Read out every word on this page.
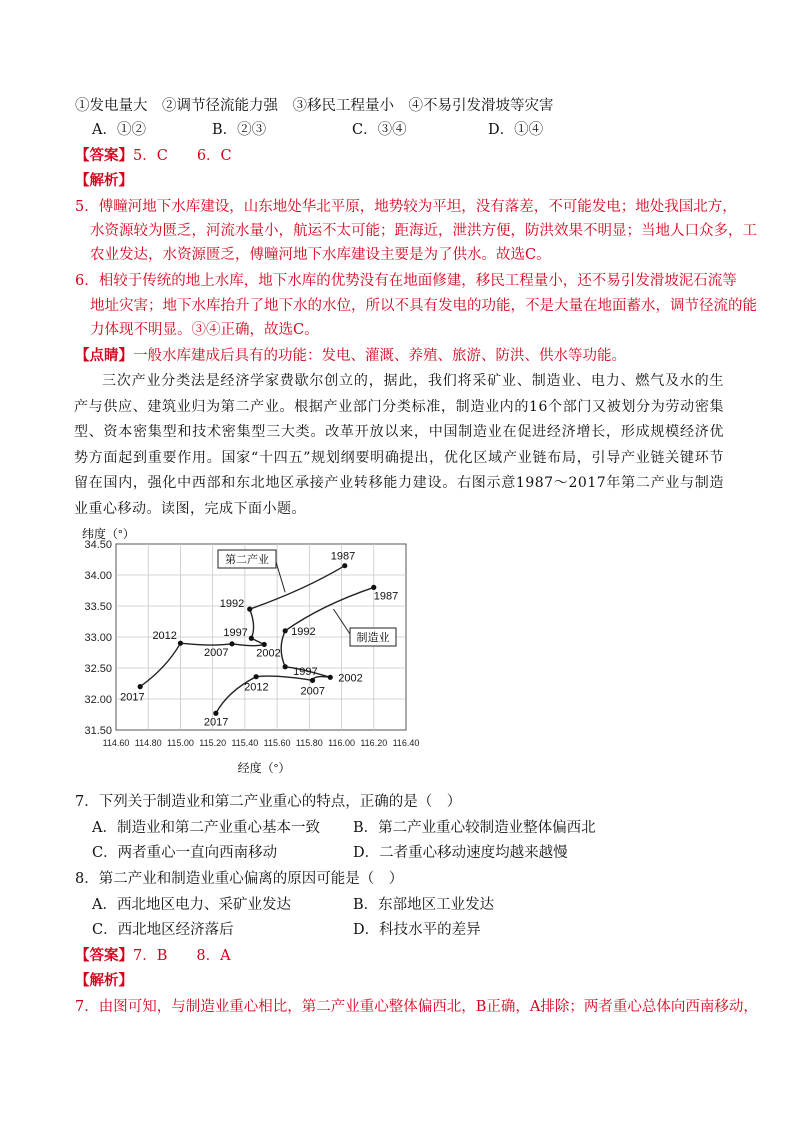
①发电量大　②调节径流能力强　③移民工程量小　④不易引发滑坡等灾害
A．①②	B．②③	C．③④	D．①④
【答案】5．C　　6．C
【解析】
5．傅疃河地下水库建设，山东地处华北平原，地势较为平坦，没有落差，不可能发电；地处我国北方，
水资源较为匮乏，河流水量小，航运不太可能；距海近，泄洪方便，防洪效果不明显；当地人口众多，工
农业发达，水资源匮乏，傅疃河地下水库建设主要是为了供水。故选C。
6．相较于传统的地上水库，地下水库的优势没有在地面修建，移民工程量小，还不易引发滑坡泥石流等
地址灾害；地下水库抬升了地下水的水位，所以不具有发电的功能，不是大量在地面蓄水，调节径流的能
力体现不明显。③④正确，故选C。
【点睛】一般水库建成后具有的功能：发电、灌溉、养殖、旅游、防洪、供水等功能。
三次产业分类法是经济学家费歇尔创立的，据此，我们将采矿业、制造业、电力、燃气及水的生产与供应、建筑业归为第二产业。根据产业部门分类标准，制造业内的16个部门又被划分为劳动密集型、资本密集型和技术密集型三大类。改革开放以来，中国制造业在促进经济增长，形成规模经济优势方面起到重要作用。国家“十四五”规划纲要明确提出，优化区域产业链布局，引导产业链关键环节留在国内，强化中西部和东北地区承接产业转移能力建设。右图示意1987～2017年第二产业与制造业重心移动。读图，完成下面小题。
纬度（°）
经度（°）
114.60 114.80 115.00 115.20 115.40 115.60 115.80 116.00 116.20 116.40
31.50
32.00
32.50
33.00
33.50
34.00
34.50
1987
1992
1997
2002
2007
2012
2017
1987
1992
1997
2002
2007
2012
2017
第二产业
制造业
7．下列关于制造业和第二产业重心的特点，正确的是（　）
A．制造业和第二产业重心基本一致 B．第二产业重心较制造业整体偏西北
C．两者重心一直向西南移动	D．二者重心移动速度均越来越慢
8．第二产业和制造业重心偏离的原因可能是（　）
A．西北地区电力、采矿业发达	B．东部地区工业发达
C．西北地区经济落后	D．科技水平的差异
【答案】7．B　　8．A
【解析】
7．由图可知，与制造业重心相比，第二产业重心整体偏西北，B正确，A排除；两者重心总体向西南移动，
